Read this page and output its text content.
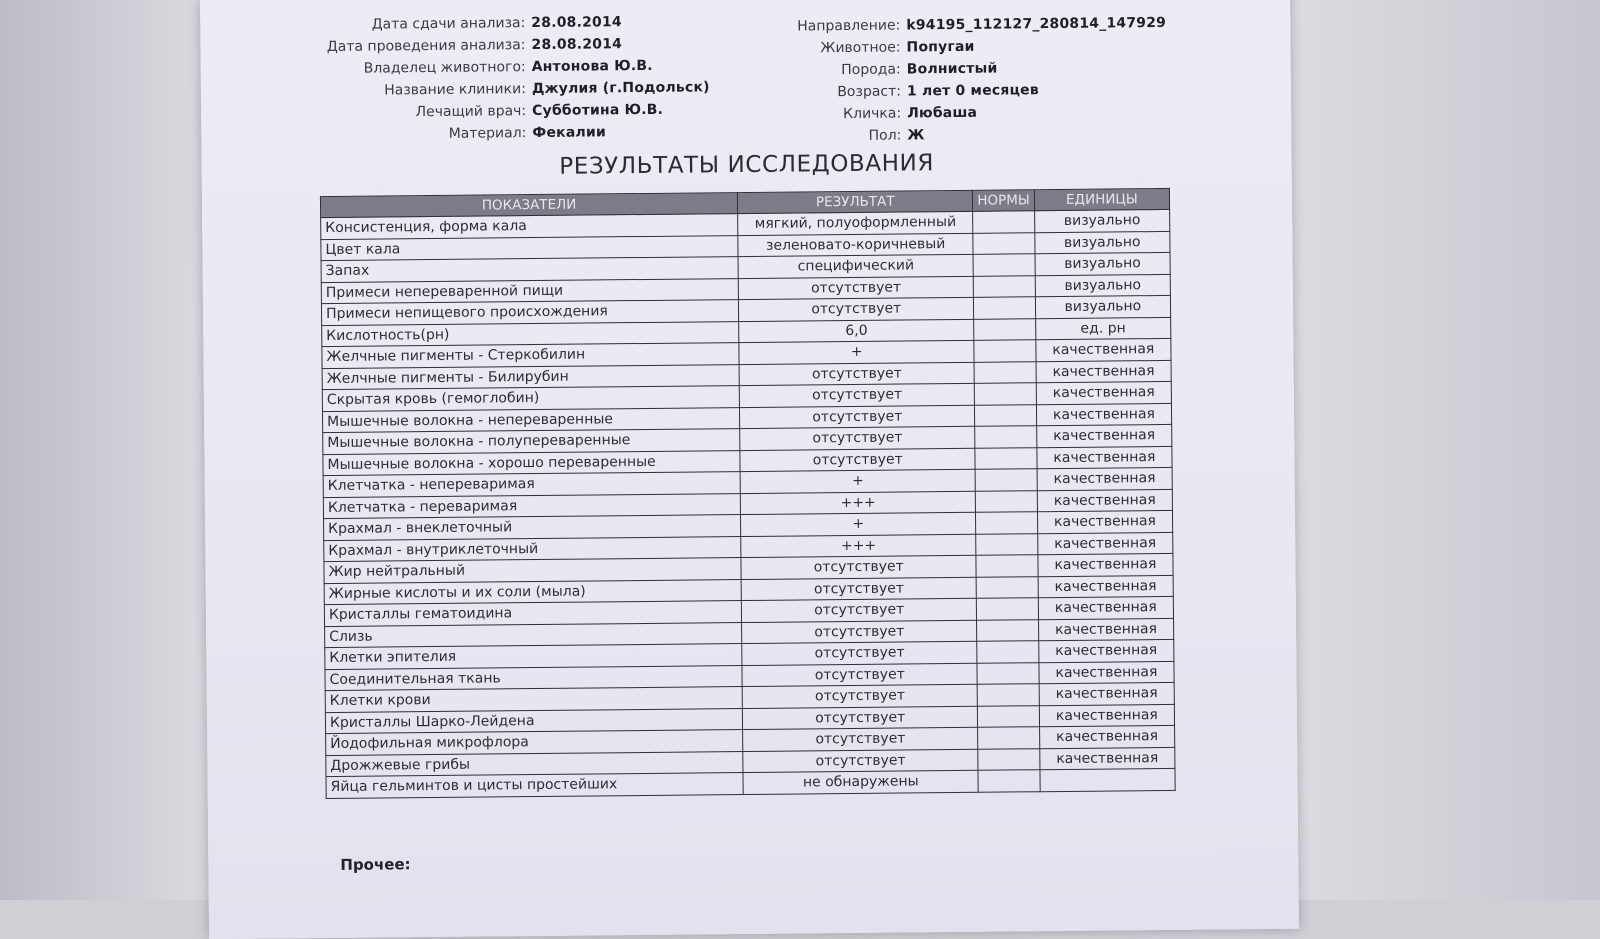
Дата сдачи анализа: 28.08.2014
Дата проведения анализа: 28.08.2014
Владелец животного: Антонова Ю.В.
Название клиники: Джулия (г.Подольск)
Лечащий врач: Субботина Ю.В.
Материал: Фекалии
Направление: k94195_112127_280814_147929
Животное: Попугаи
Порода: Волнистый
Возраст: 1 лет 0 месяцев
Кличка: Любаша
Пол: Ж
РЕЗУЛЬТАТЫ ИССЛЕДОВАНИЯ
ПОКАЗАТЕЛИ	РЕЗУЛЬТАТ	НОРМЫ	ЕДИНИЦЫ
Консистенция, форма кала	мягкий, полуоформленный		визуально
Цвет кала	зеленовато-коричневый		визуально
Запах	специфический		визуально
Примеси непереваренной пищи	отсутствует		визуально
Примеси непищевого происхождения	отсутствует		визуально
Кислотность(рн)	6,0		ед. рн
Желчные пигменты - Стеркобилин	+		качественная
Желчные пигменты - Билирубин	отсутствует		качественная
Скрытая кровь (гемоглобин)	отсутствует		качественная
Мышечные волокна - непереваренные	отсутствует		качественная
Мышечные волокна - полупереваренные	отсутствует		качественная
Мышечные волокна - хорошо переваренные	отсутствует		качественная
Клетчатка - непереваримая	+		качественная
Клетчатка - переваримая	+++		качественная
Крахмал - внеклеточный	+		качественная
Крахмал - внутриклеточный	+++		качественная
Жир нейтральный	отсутствует		качественная
Жирные кислоты и их соли (мыла)	отсутствует		качественная
Кристаллы гематоидина	отсутствует		качественная
Слизь	отсутствует		качественная
Клетки эпителия	отсутствует		качественная
Соединительная ткань	отсутствует		качественная
Клетки крови	отсутствует		качественная
Кристаллы Шарко-Лейдена	отсутствует		качественная
Йодофильная микрофлора	отсутствует		качественная
Дрожжевые грибы	отсутствует		качественная
Яйца гельминтов и цисты простейших	не обнаружены		
Прочее:
